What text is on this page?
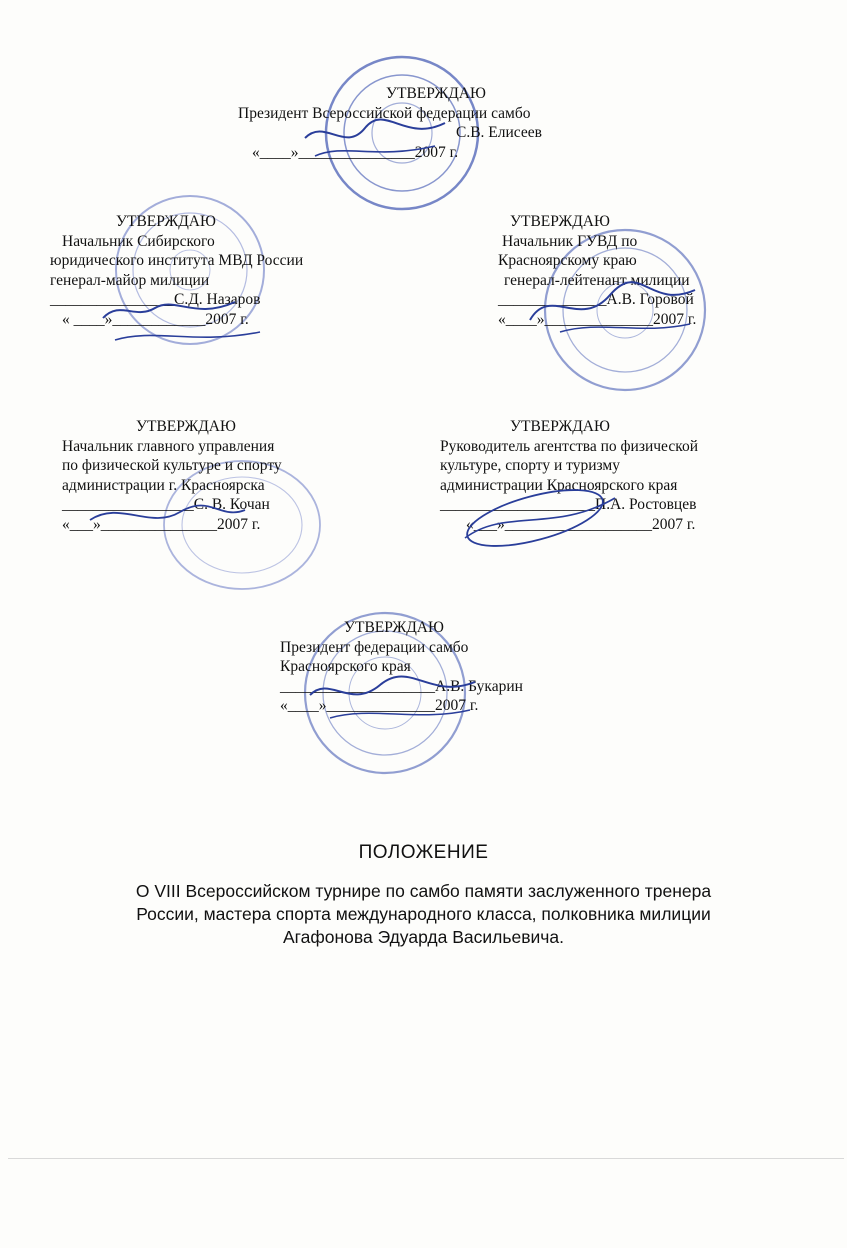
УТВЕРЖДАЮ
Президент Всероссийской федерации самбо
С.В. Елисеев
«____»_______________2007 г.
УТВЕРЖДАЮ
Начальник Сибирского
юридического института МВД России
генерал-майор милиции
________________С.Д. Назаров
« ____»____________2007 г.
УТВЕРЖДАЮ
Начальник ГУВД по
Красноярскому краю
генерал-лейтенант милиции
______________А.В. Горовой
«____»______________2007 г.
УТВЕРЖДАЮ
Начальник главного управления
по физической культуре и спорту
администрации г. Красноярска
_________________С. В. Кочан
«___»_______________2007 г.
УТВЕРЖДАЮ
Руководитель агентства по физической
культуре, спорту и туризму
администрации Красноярского края
____________________П.А. Ростовцев
«___»___________________2007 г.
УТВЕРЖДАЮ
Президент федерации самбо
Красноярского края
____________________А.В. Букарин
«____»______________2007 г.
ПОЛОЖЕНИЕ
О VIII Всероссийском турнире по самбо памяти заслуженного тренера
России, мастера спорта международного класса, полковника милиции
Агафонова Эдуарда Васильевича.
